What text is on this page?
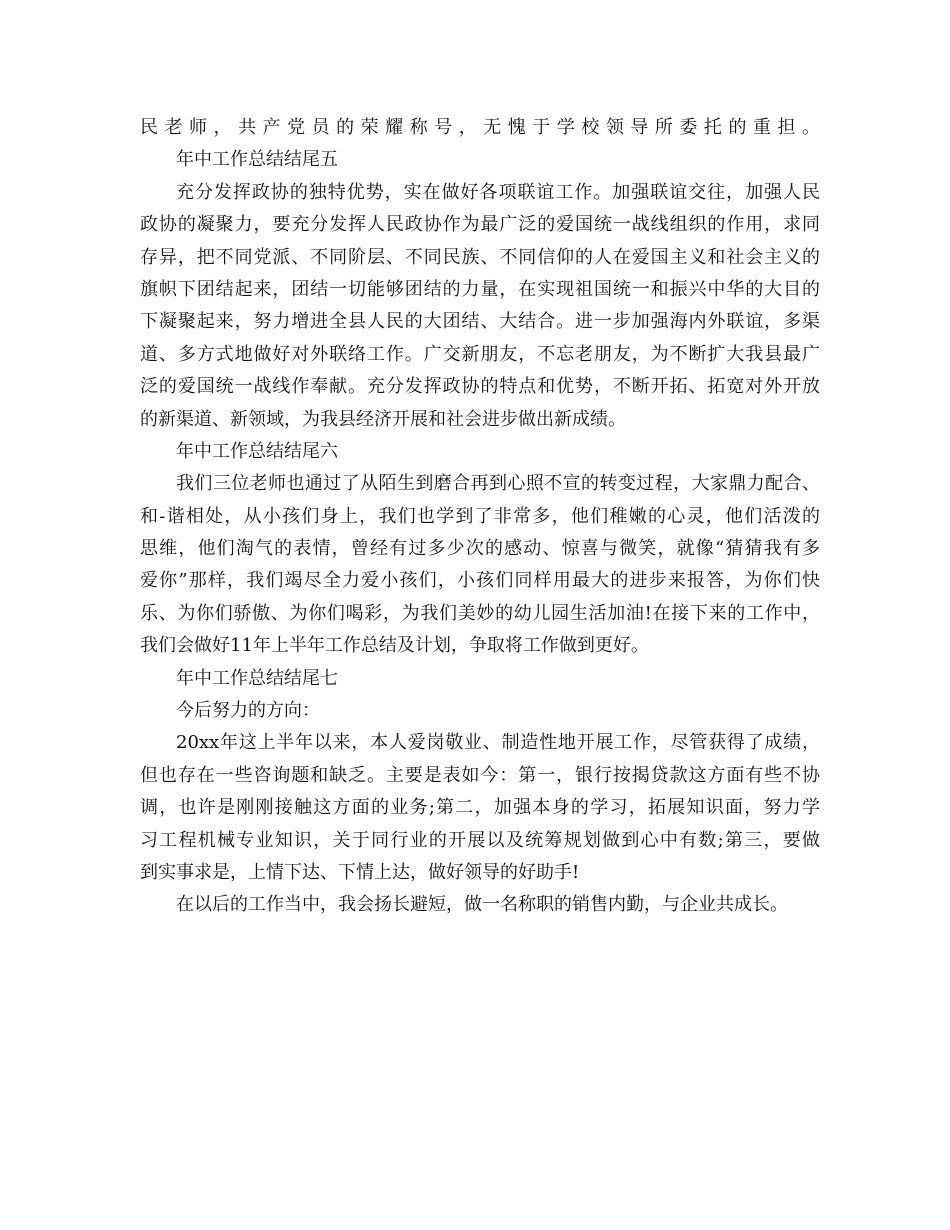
民老师，共产党员的荣耀称号，无愧于学校领导所委托的重担。
年中工作总结结尾五
充分发挥政协的独特优势，实在做好各项联谊工作。加强联谊交往，加强人民
政协的凝聚力，要充分发挥人民政协作为最广泛的爱国统一战线组织的作用，求同
存异，把不同党派、不同阶层、不同民族、不同信仰的人在爱国主义和社会主义的
旗帜下团结起来，团结一切能够团结的力量，在实现祖国统一和振兴中华的大目的
下凝聚起来，努力增进全县人民的大团结、大结合。进一步加强海内外联谊，多渠
道、多方式地做好对外联络工作。广交新朋友，不忘老朋友，为不断扩大我县最广
泛的爱国统一战线作奉献。充分发挥政协的特点和优势，不断开拓、拓宽对外开放
的新渠道、新领域，为我县经济开展和社会进步做出新成绩。
年中工作总结结尾六
我们三位老师也通过了从陌生到磨合再到心照不宣的转变过程，大家鼎力配合、
和-谐相处，从小孩们身上，我们也学到了非常多，他们稚嫩的心灵，他们活泼的
思维，他们淘气的表情，曾经有过多少次的感动、惊喜与微笑，就像“猜猜我有多
爱你”那样，我们竭尽全力爱小孩们，小孩们同样用最大的进步来报答，为你们快
乐、为你们骄傲、为你们喝彩，为我们美妙的幼儿园生活加油!在接下来的工作中，
我们会做好11年上半年工作总结及计划，争取将工作做到更好。
年中工作总结结尾七
今后努力的方向：
20xx年这上半年以来，本人爱岗敬业、制造性地开展工作，尽管获得了成绩，
但也存在一些咨询题和缺乏。主要是表如今：第一，银行按揭贷款这方面有些不协
调，也许是刚刚接触这方面的业务;第二，加强本身的学习，拓展知识面，努力学
习工程机械专业知识，关于同行业的开展以及统筹规划做到心中有数;第三，要做
到实事求是，上情下达、下情上达，做好领导的好助手!
在以后的工作当中，我会扬长避短，做一名称职的销售内勤，与企业共成长。
